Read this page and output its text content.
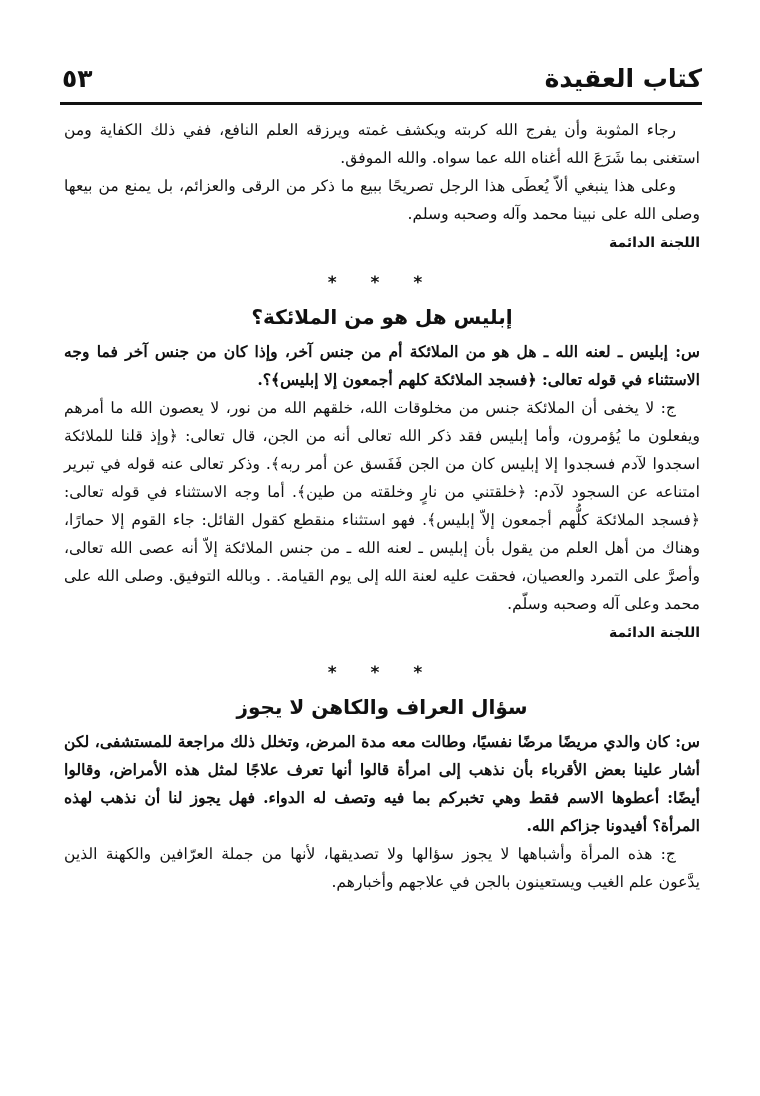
كتاب العقيدة
٥٣

رجاء المثوبة وأن يفرج الله كربته ويكشف غمته ويرزقه العلم النافع، ففي ذلك الكفاية ومن استغنى بما شَرَعَ الله أغناه الله عما سواه. والله الموفق.

وعلى هذا ينبغي ألاّ يُعطَى هذا الرجل تصريحًا ببيع ما ذكر من الرقى والعزائم، بل يمنع من بيعها وصلى الله على نبينا محمد وآله وصحبه وسلم.

اللجنة الدائمة
* * *
إبليس هل هو من الملائكة؟

س: إبليس ـ لعنه الله ـ هل هو من الملائكة أم من جنس آخر، وإذا كان من جنس آخر فما وجه الاستثناء في قوله تعالى: ﴿فسجد الملائكة كلهم أجمعون إلا إبليس﴾؟.

ج: لا يخفى أن الملائكة جنس من مخلوقات الله، خلقهم الله من نور، لا يعصون الله ما أمرهم ويفعلون ما يُؤمرون، وأما إبليس فقد ذكر الله تعالى أنه من الجن، قال تعالى: ﴿وإذ قلنا للملائكة اسجدوا لآدم فسجدوا إلا إبليس كان من الجن فَفَسق عن أمر ربه﴾. وذكر تعالى عنه قوله في تبرير امتناعه عن السجود لآدم: ﴿خلقتني من نارٍ وخلقته من طين﴾. أما وجه الاستثناء في قوله تعالى: ﴿فسجد الملائكة كلُّهم أجمعون إلاّ إبليس﴾. فهو استثناء منقطع كقول القائل: جاء القوم إلا حمارًا، وهناك من أهل العلم من يقول بأن إبليس ـ لعنه الله ـ من جنس الملائكة إلاّ أنه عصى الله تعالى، وأصرَّ على التمرد والعصيان، فحقت عليه لعنة الله إلى يوم القيامة. . وبالله التوفيق. وصلى الله على محمد وعلى آله وصحبه وسلّم.

اللجنة الدائمة
* * *
سؤال العراف والكاهن لا يجوز

س: كان والدي مريضًا مرضًا نفسيًا، وطالت معه مدة المرض، وتخلل ذلك مراجعة للمستشفى، لكن أشار علينا بعض الأقرباء بأن نذهب إلى امرأة قالوا أنها تعرف علاجًا لمثل هذه الأمراض، وقالوا أيضًا: أعطوها الاسم فقط وهي تخبركم بما فيه وتصف له الدواء. فهل يجوز لنا أن نذهب لهذه المرأة؟ أفيدونا جزاكم الله.

ج: هذه المرأة وأشباهها لا يجوز سؤالها ولا تصديقها، لأنها من جملة العرّافين والكهنة الذين يدَّعون علم الغيب ويستعينون بالجن في علاجهم وأخبارهم.
